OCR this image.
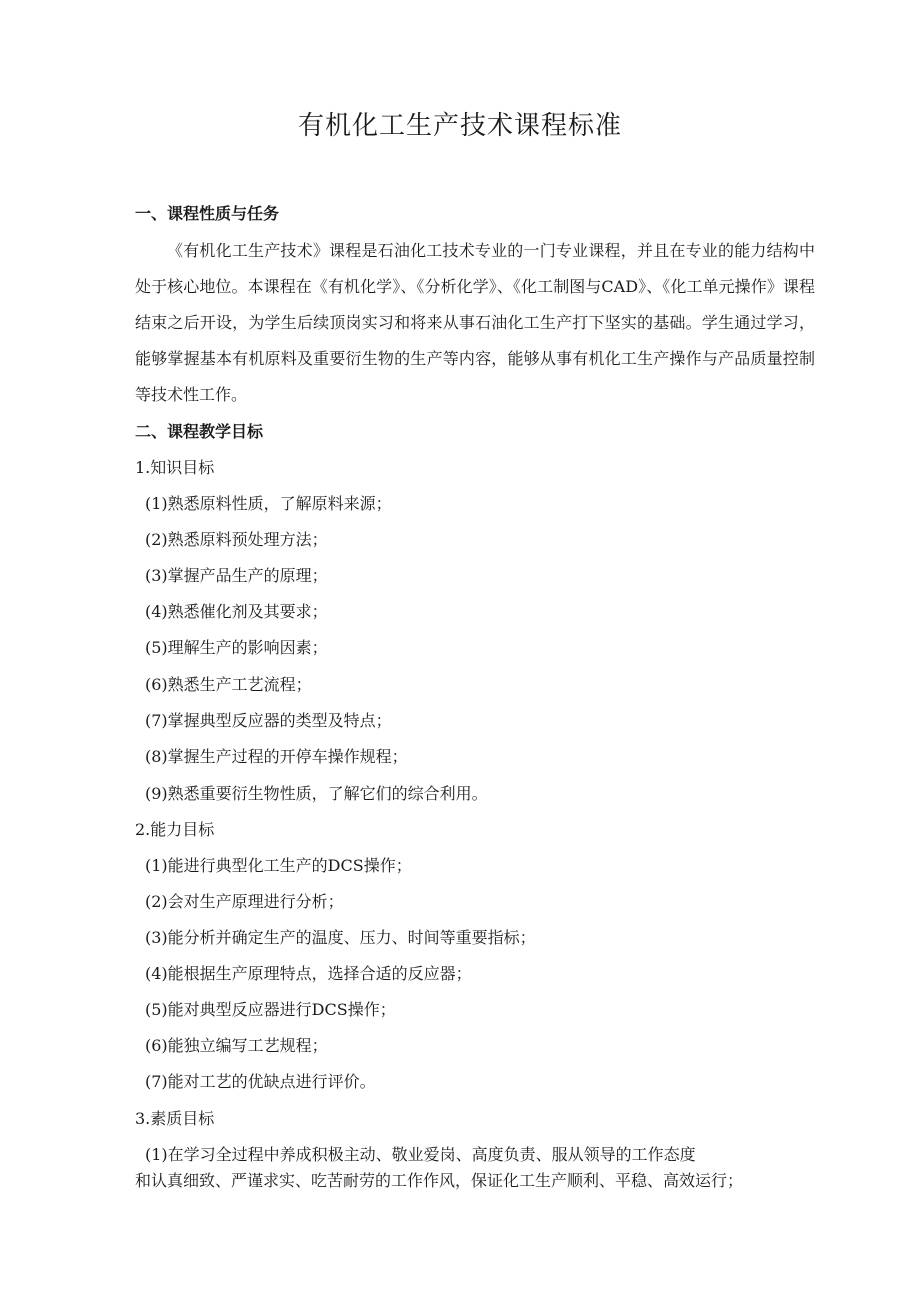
有机化工生产技术课程标准
一、课程性质与任务

《有机化工生产技术》课程是石油化工技术专业的一门专业课程，并且在专业的能力结构中处于核心地位。本课程在《有机化学》、《分析化学》、《化工制图与CAD》、《化工单元操作》课程结束之后开设，为学生后续顶岗实习和将来从事石油化工生产打下坚实的基础。学生通过学习，能够掌握基本有机原料及重要衍生物的生产等内容，能够从事有机化工生产操作与产品质量控制等技术性工作。

二、课程教学目标
1.知识目标
(1)熟悉原料性质，了解原料来源；
(2)熟悉原料预处理方法；
(3)掌握产品生产的原理；
(4)熟悉催化剂及其要求；
(5)理解生产的影响因素；
(6)熟悉生产工艺流程；
(7)掌握典型反应器的类型及特点；
(8)掌握生产过程的开停车操作规程；
(9)熟悉重要衍生物性质，了解它们的综合利用。
2.能力目标
(1)能进行典型化工生产的DCS操作；
(2)会对生产原理进行分析；
(3)能分析并确定生产的温度、压力、时间等重要指标；
(4)能根据生产原理特点，选择合适的反应器；
(5)能对典型反应器进行DCS操作；
(6)能独立编写工艺规程；
(7)能对工艺的优缺点进行评价。
3.素质目标
(1)在学习全过程中养成积极主动、敬业爱岗、高度负责、服从领导的工作态度
和认真细致、严谨求实、吃苦耐劳的工作作风，保证化工生产顺利、平稳、高效运行；
